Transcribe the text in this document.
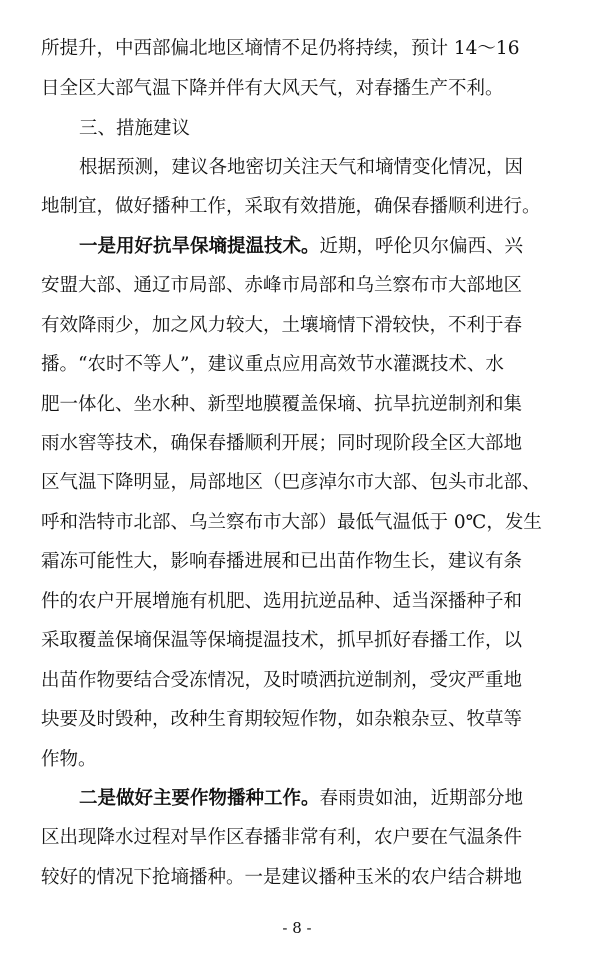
所提升，中西部偏北地区墒情不足仍将持续，预计 14～16
日全区大部气温下降并伴有大风天气，对春播生产不利。
三、措施建议
根据预测，建议各地密切关注天气和墒情变化情况，因
地制宜，做好播种工作，采取有效措施，确保春播顺利进行。
一是用好抗旱保墒提温技术。近期，呼伦贝尔偏西、兴
安盟大部、通辽市局部、赤峰市局部和乌兰察布市大部地区
有效降雨少，加之风力较大，土壤墒情下滑较快，不利于春
播。“农时不等人”，建议重点应用高效节水灌溉技术、水
肥一体化、坐水种、新型地膜覆盖保墒、抗旱抗逆制剂和集
雨水窖等技术，确保春播顺利开展；同时现阶段全区大部地
区气温下降明显，局部地区（巴彦淖尔市大部、包头市北部、
呼和浩特市北部、乌兰察布市大部）最低气温低于 0℃，发生
霜冻可能性大，影响春播进展和已出苗作物生长，建议有条
件的农户开展增施有机肥、选用抗逆品种、适当深播种子和
采取覆盖保墒保温等保墒提温技术，抓早抓好春播工作，以
出苗作物要结合受冻情况，及时喷洒抗逆制剂，受灾严重地
块要及时毁种，改种生育期较短作物，如杂粮杂豆、牧草等
作物。
二是做好主要作物播种工作。春雨贵如油，近期部分地
区出现降水过程对旱作区春播非常有利，农户要在气温条件
较好的情况下抢墒播种。一是建议播种玉米的农户结合耕地
- 8 -
